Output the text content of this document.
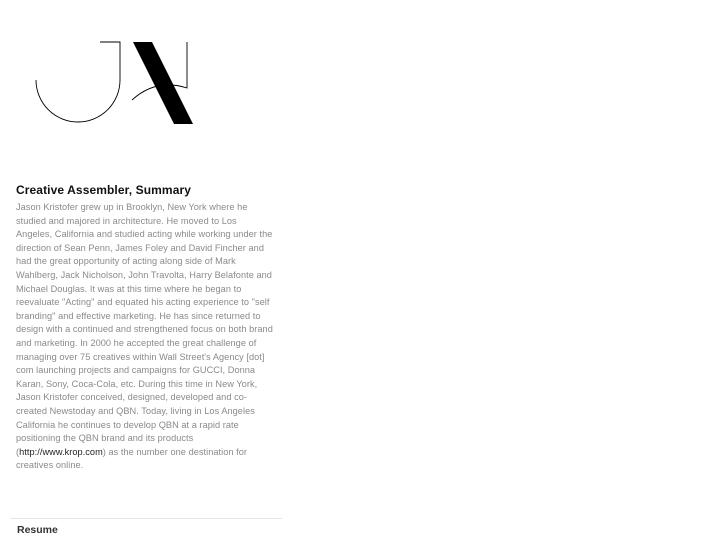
Creative Assembler, Summary
Jason Kristofer grew up in Brooklyn, New York where he studied and majored in architecture. He moved to Los Angeles, California and studied acting while working under the direction of Sean Penn, James Foley and David Fincher and had the great opportunity of acting along side of Mark Wahlberg, Jack Nicholson, John Travolta, Harry Belafonte and Michael Douglas. It was at this time where he began to reevaluate "Acting" and equated his acting experience to "self branding" and effective marketing. He has since returned to design with a continued and strengthened focus on both brand and marketing. In 2000 he accepted the great challenge of managing over 75 creatives within Wall Street's Agency [dot] com launching projects and campaigns for GUCCI, Donna Karan, Sony, Coca-Cola, etc. During this time in New York, Jason Kristofer conceived, designed, developed and co-created Newstoday and QBN. Today, living in Los Angeles California he continues to develop QBN at a rapid rate positioning the QBN brand and its products (http://www.krop.com) as the number one destination for creatives online.
Resume
